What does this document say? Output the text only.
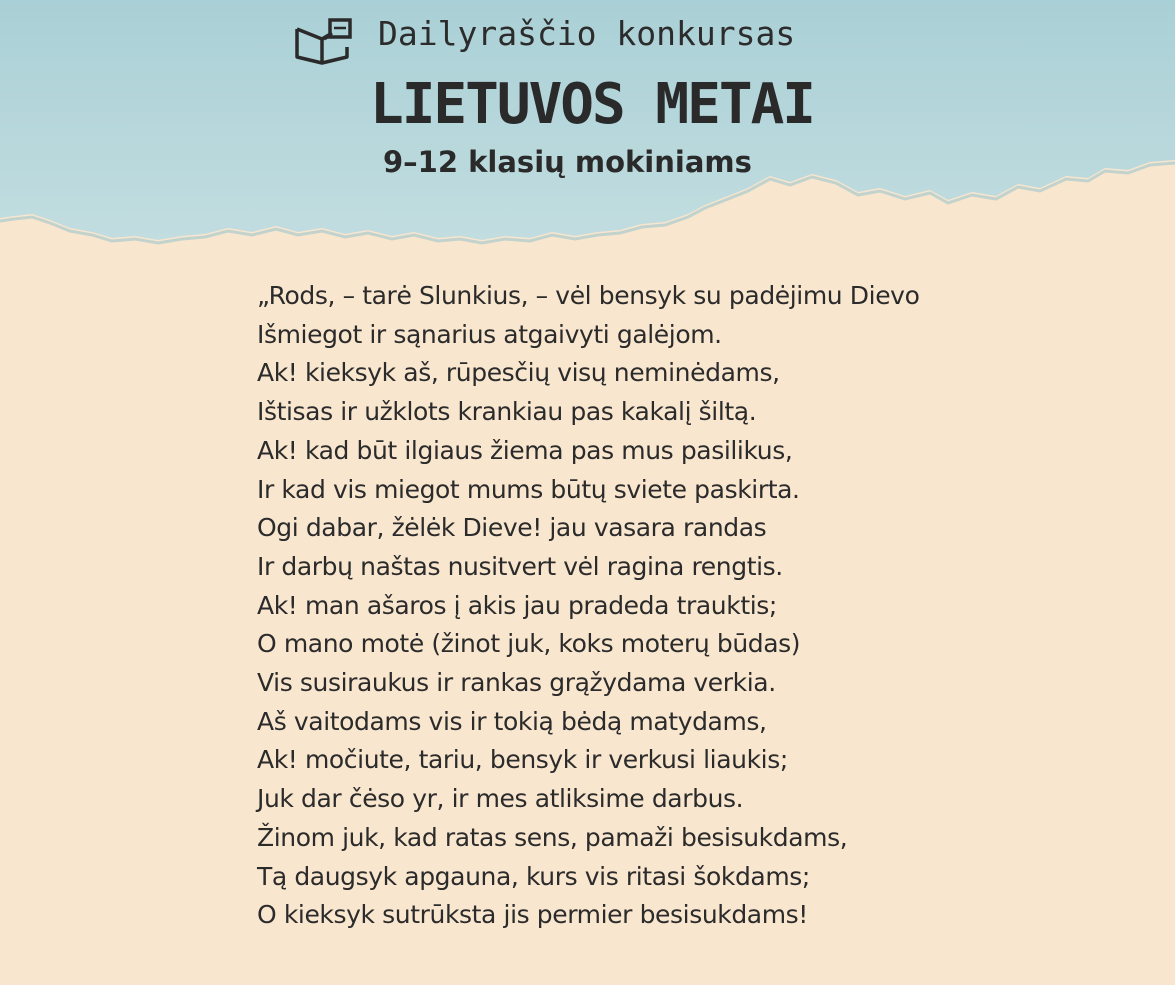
Dailyraščio konkursas
LIETUVOS METAI
9–12 klasių mokiniams
„Rods, – tarė Slunkius, – vėl bensyk su padėjimu Dievo
Išmiegot ir sąnarius atgaivyti galėjom.
Ak! kieksyk aš, rūpesčių visų neminėdams,
Ištisas ir užklots krankiau pas kakalį šiltą.
Ak! kad būt ilgiaus žiema pas mus pasilikus,
Ir kad vis miegot mums būtų sviete paskirta.
Ogi dabar, žėlėk Dieve! jau vasara randas
Ir darbų naštas nusitvert vėl ragina rengtis.
Ak! man ašaros į akis jau pradeda trauktis;
O mano motė (žinot juk, koks moterų būdas)
Vis susiraukus ir rankas grąžydama verkia.
Aš vaitodams vis ir tokią bėdą matydams,
Ak! močiute, tariu, bensyk ir verkusi liaukis;
Juk dar čėso yr, ir mes atliksime darbus.
Žinom juk, kad ratas sens, pamaži besisukdams,
Tą daugsyk apgauna, kurs vis ritasi šokdams;
O kieksyk sutrūksta jis permier besisukdams!
